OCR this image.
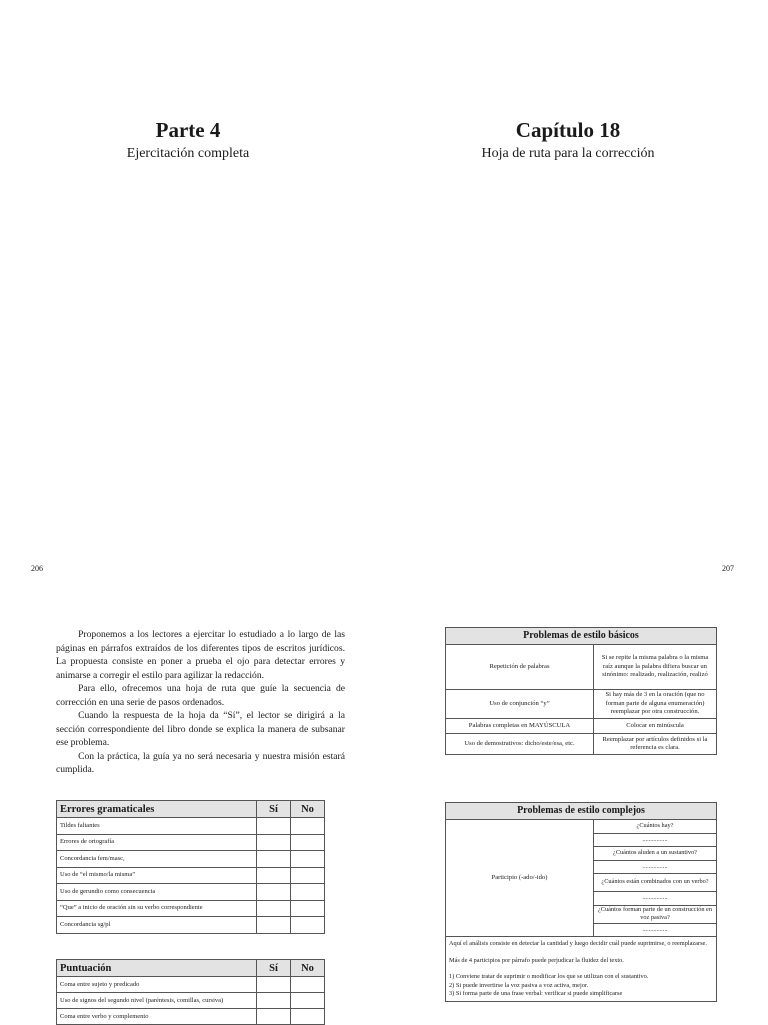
Parte 4
Ejercitación completa
Capítulo 18
Hoja de ruta para la corrección
206	207

Proponemos a los lectores a ejercitar lo estudiado a lo largo de las páginas en párrafos extraídos de los diferentes tipos de escritos jurídicos. La propuesta consiste en poner a prueba el ojo para detectar errores y animarse a corregir el estilo para agilizar la redacción.

Para ello, ofrecemos una hoja de ruta que guíe la secuencia de corrección en una serie de pasos ordenados.

Cuando la respuesta de la hoja da “Sí”, el lector se dirigirá a la sección correspondiente del libro donde se explica la manera de subsanar ese problema.

Con la práctica, la guía ya no será necesaria y nuestra misión estará cumplida.

Errores gramaticales	Sí	No
Tildes faltantes		
Errores de ortografía		
Concordancia fem/masc,		
Uso de “el mismo/la misma”		
Uso de gerundio como consecuencia		
“Que” a inicio de oración sin su verbo correspondiente		
Concordancia sg/pl		
Puntuación	Sí	No
Coma entre sujeto y predicado		
Uso de signos del segundo nivel (paréntesis, comillas, cursiva)		
Coma entre verbo y complemento		
Problemas de estilo básicos	
Repetición de palabras	Si se repite la misma palabra o la misma raíz aunque la palabra difiera buscar un sinónimo: realizado, realización, realizó
Uso de conjunción “y”	Si hay más de 3 en la oración (que no forman parte de alguna enumeración) reemplazar por otra construcción.
Palabras completas en MAYÚSCULA	Colocar en minúscula
Uso de demostrativos: dicho/este/esa, etc.	Reemplazar por artículos definidos si la referencia es clara.
Problemas de estilo complejos
Participio (-ado/-ido)	¿Cuántos hay?
................
¿Cuántos aluden a un sustantivo?
................
¿Cuántos están combinados con un verbo?
................
¿Cuántos forman parte de un construcción en voz pasiva?
................

Aquí el análisis consiste en detectar la cantidad y luego decidir cuál puede suprimirse, o reemplazarse.
Más de 4 participios por párrafo puede perjudicar la fluidez del texto.
1) Conviene tratar de suprimir o modificar los que se utilizan con el sustantivo.
2) Si puede invertirse la voz pasiva a voz activa, mejor.
3) Si forma parte de una frase verbal: verificar si puede simplificarse
